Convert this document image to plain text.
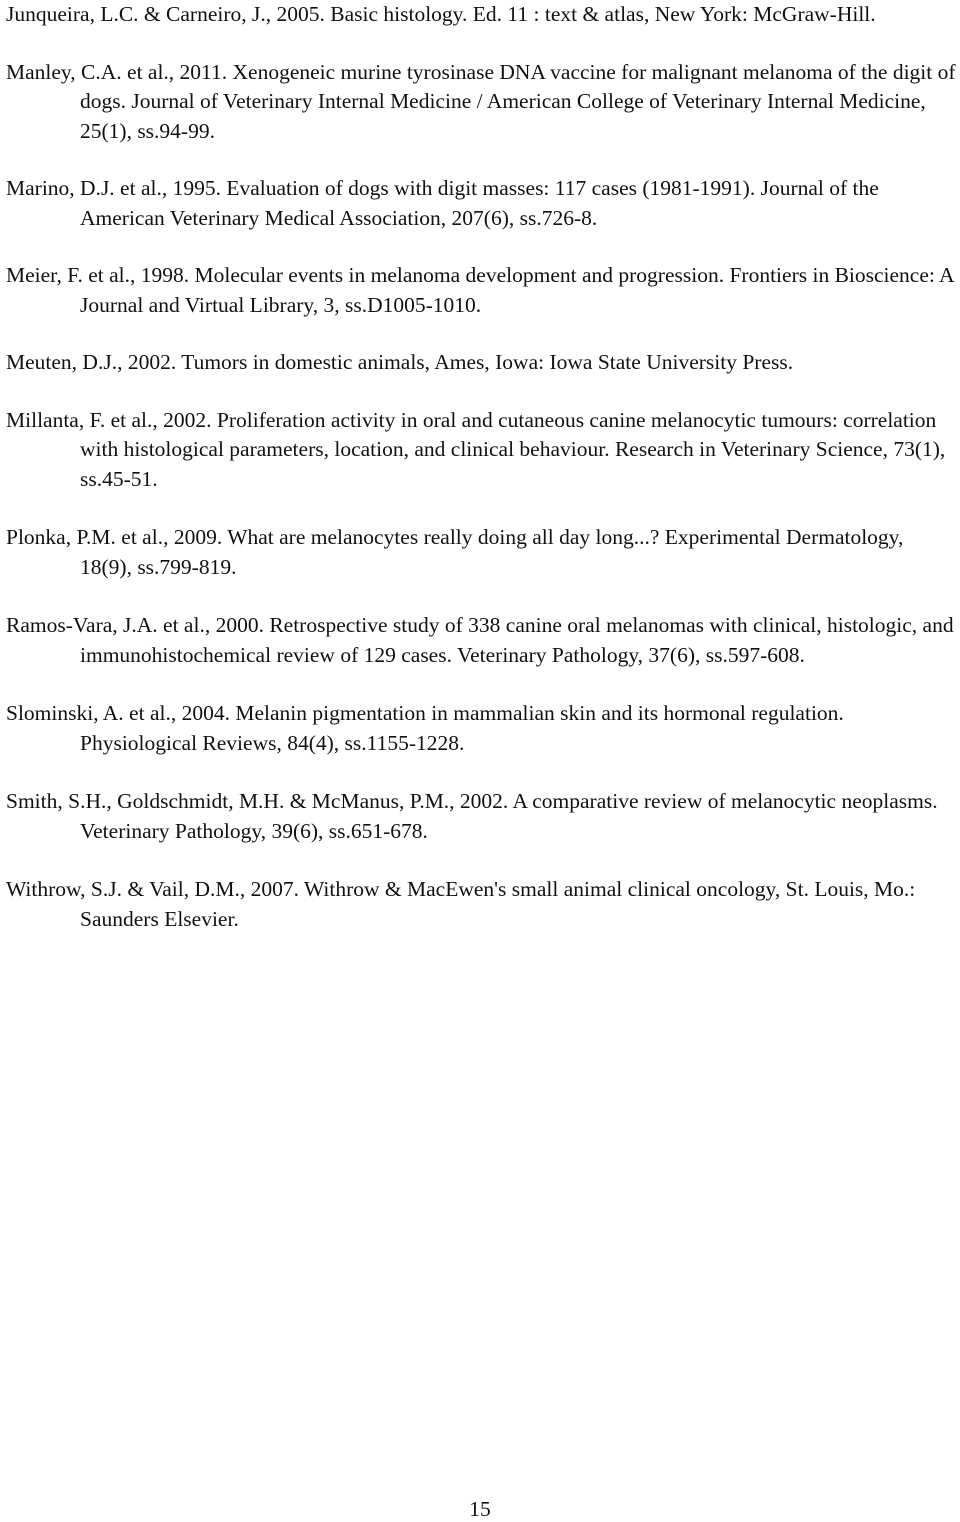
Junqueira, L.C. & Carneiro, J., 2005. Basic histology. Ed. 11 : text & atlas, New York: McGraw-Hill.

Manley, C.A. et al., 2011. Xenogeneic murine tyrosinase DNA vaccine for malignant melanoma of the digit of dogs. Journal of Veterinary Internal Medicine / American College of Veterinary Internal Medicine, 25(1), ss.94-99.

Marino, D.J. et al., 1995. Evaluation of dogs with digit masses: 117 cases (1981-1991). Journal of the American Veterinary Medical Association, 207(6), ss.726-8.

Meier, F. et al., 1998. Molecular events in melanoma development and progression. Frontiers in Bioscience: A Journal and Virtual Library, 3, ss.D1005-1010.

Meuten, D.J., 2002. Tumors in domestic animals, Ames, Iowa: Iowa State University Press.

Millanta, F. et al., 2002. Proliferation activity in oral and cutaneous canine melanocytic tumours: correlation with histological parameters, location, and clinical behaviour. Research in Veterinary Science, 73(1), ss.45-51.

Plonka, P.M. et al., 2009. What are melanocytes really doing all day long...? Experimental Dermatology, 18(9), ss.799-819.

Ramos-Vara, J.A. et al., 2000. Retrospective study of 338 canine oral melanomas with clinical, histologic, and immunohistochemical review of 129 cases. Veterinary Pathology, 37(6), ss.597-608.

Slominski, A. et al., 2004. Melanin pigmentation in mammalian skin and its hormonal regulation. Physiological Reviews, 84(4), ss.1155-1228.

Smith, S.H., Goldschmidt, M.H. & McManus, P.M., 2002. A comparative review of melanocytic neoplasms. Veterinary Pathology, 39(6), ss.651-678.

Withrow, S.J. & Vail, D.M., 2007. Withrow & MacEwen's small animal clinical oncology, St. Louis, Mo.: Saunders Elsevier.

15
